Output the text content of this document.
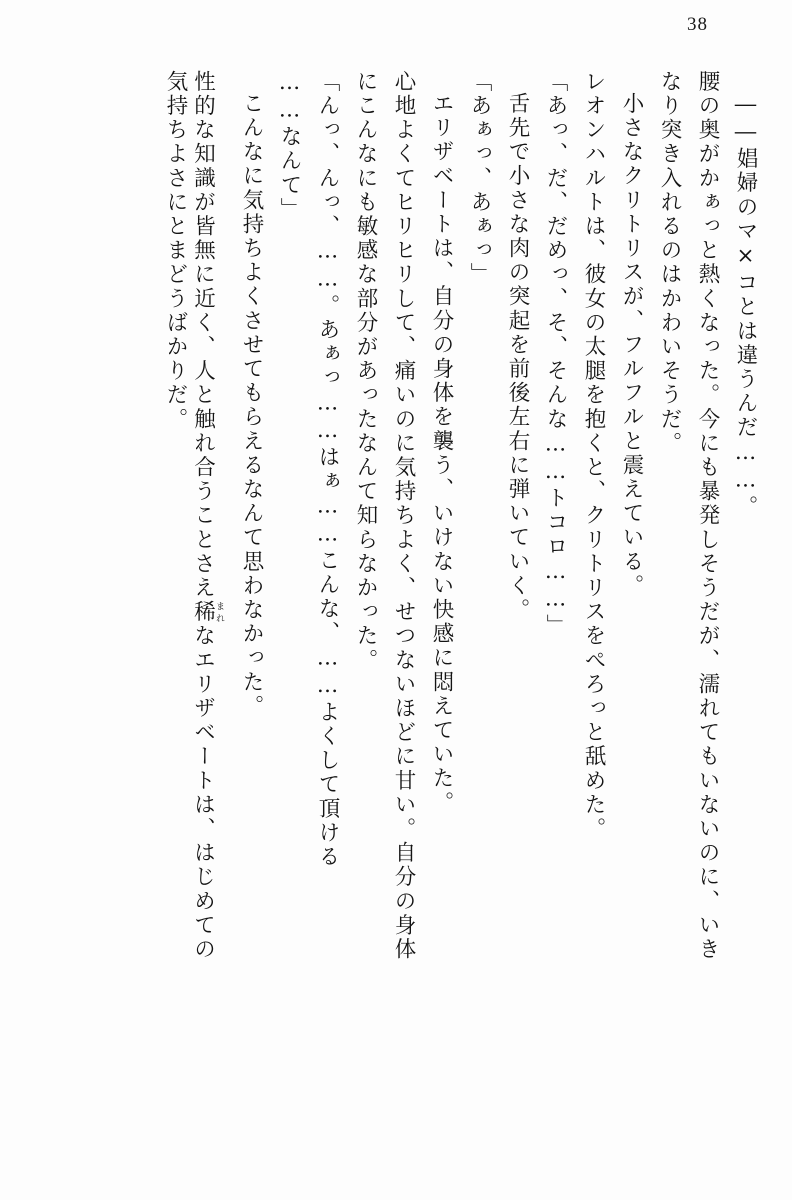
38
――娼婦のマ×コとは違うんだ……。
腰の奥がかぁっと熱くなった。今にも暴発しそうだが、濡れてもいないのに、いき
なり突き入れるのはかわいそうだ。
小さなクリトリスが、フルフルと震えている。
レオンハルトは、彼女の太腿を抱くと、クリトリスをぺろっと舐めた。
「あっ、だ、だめっ、そ、そんな……トコロ……」
舌先で小さな肉の突起を前後左右に弾いていく。
「あぁっ、あぁっ」
エリザベートは、自分の身体を襲う、いけない快感に悶えていた。
心地よくてヒリヒリして、痛いのに気持ちよく、せつないほどに甘い。自分の身体
にこんなにも敏感な部分があったなんて知らなかった。
「んっ、んっ、……。あぁっ……はぁ……こんな、……よくして頂ける
……なんて」
こんなに気持ちよくさせてもらえるなんて思わなかった。
性的な知識が皆無に近く、人と触れ合うことさえ稀まれなエリザベートは、はじめての
気持ちよさにとまどうばかりだ。
